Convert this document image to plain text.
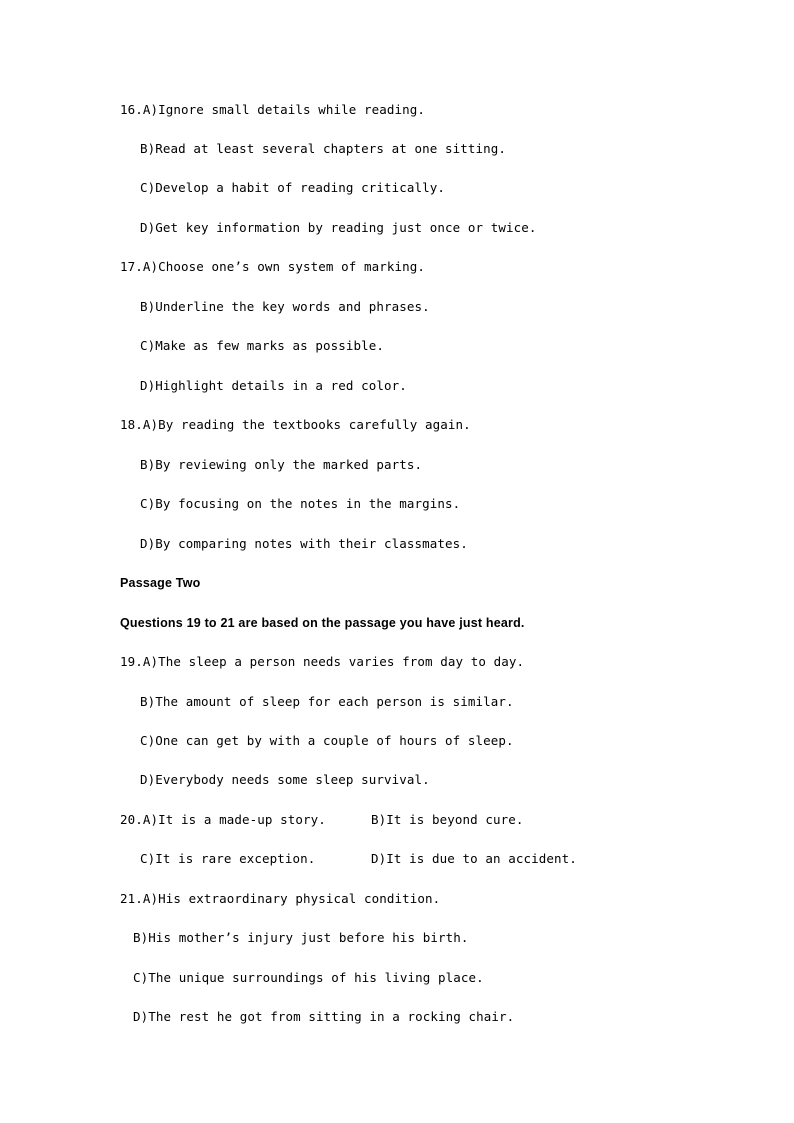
16.A)Ignore small details while reading.
B)Read at least several chapters at one sitting.
C)Develop a habit of reading critically.
D)Get key information by reading just once or twice.
17.A)Choose one’s own system of marking.
B)Underline the key words and phrases.
C)Make as few marks as possible.
D)Highlight details in a red color.
18.A)By reading the textbooks carefully again.
B)By reviewing only the marked parts.
C)By focusing on the notes in the margins.
D)By comparing notes with their classmates.
Passage Two
Questions 19 to 21 are based on the passage you have just heard.
19.A)The sleep a person needs varies from day to day.
B)The amount of sleep for each person is similar.
C)One can get by with a couple of hours of sleep.
D)Everybody needs some sleep survival.
20.A)It is a made-up story.	B)It is beyond cure.
C)It is rare exception.	D)It is due to an accident.
21.A)His extraordinary physical condition.
B)His mother’s injury just before his birth.
C)The unique surroundings of his living place.
D)The rest he got from sitting in a rocking chair.
